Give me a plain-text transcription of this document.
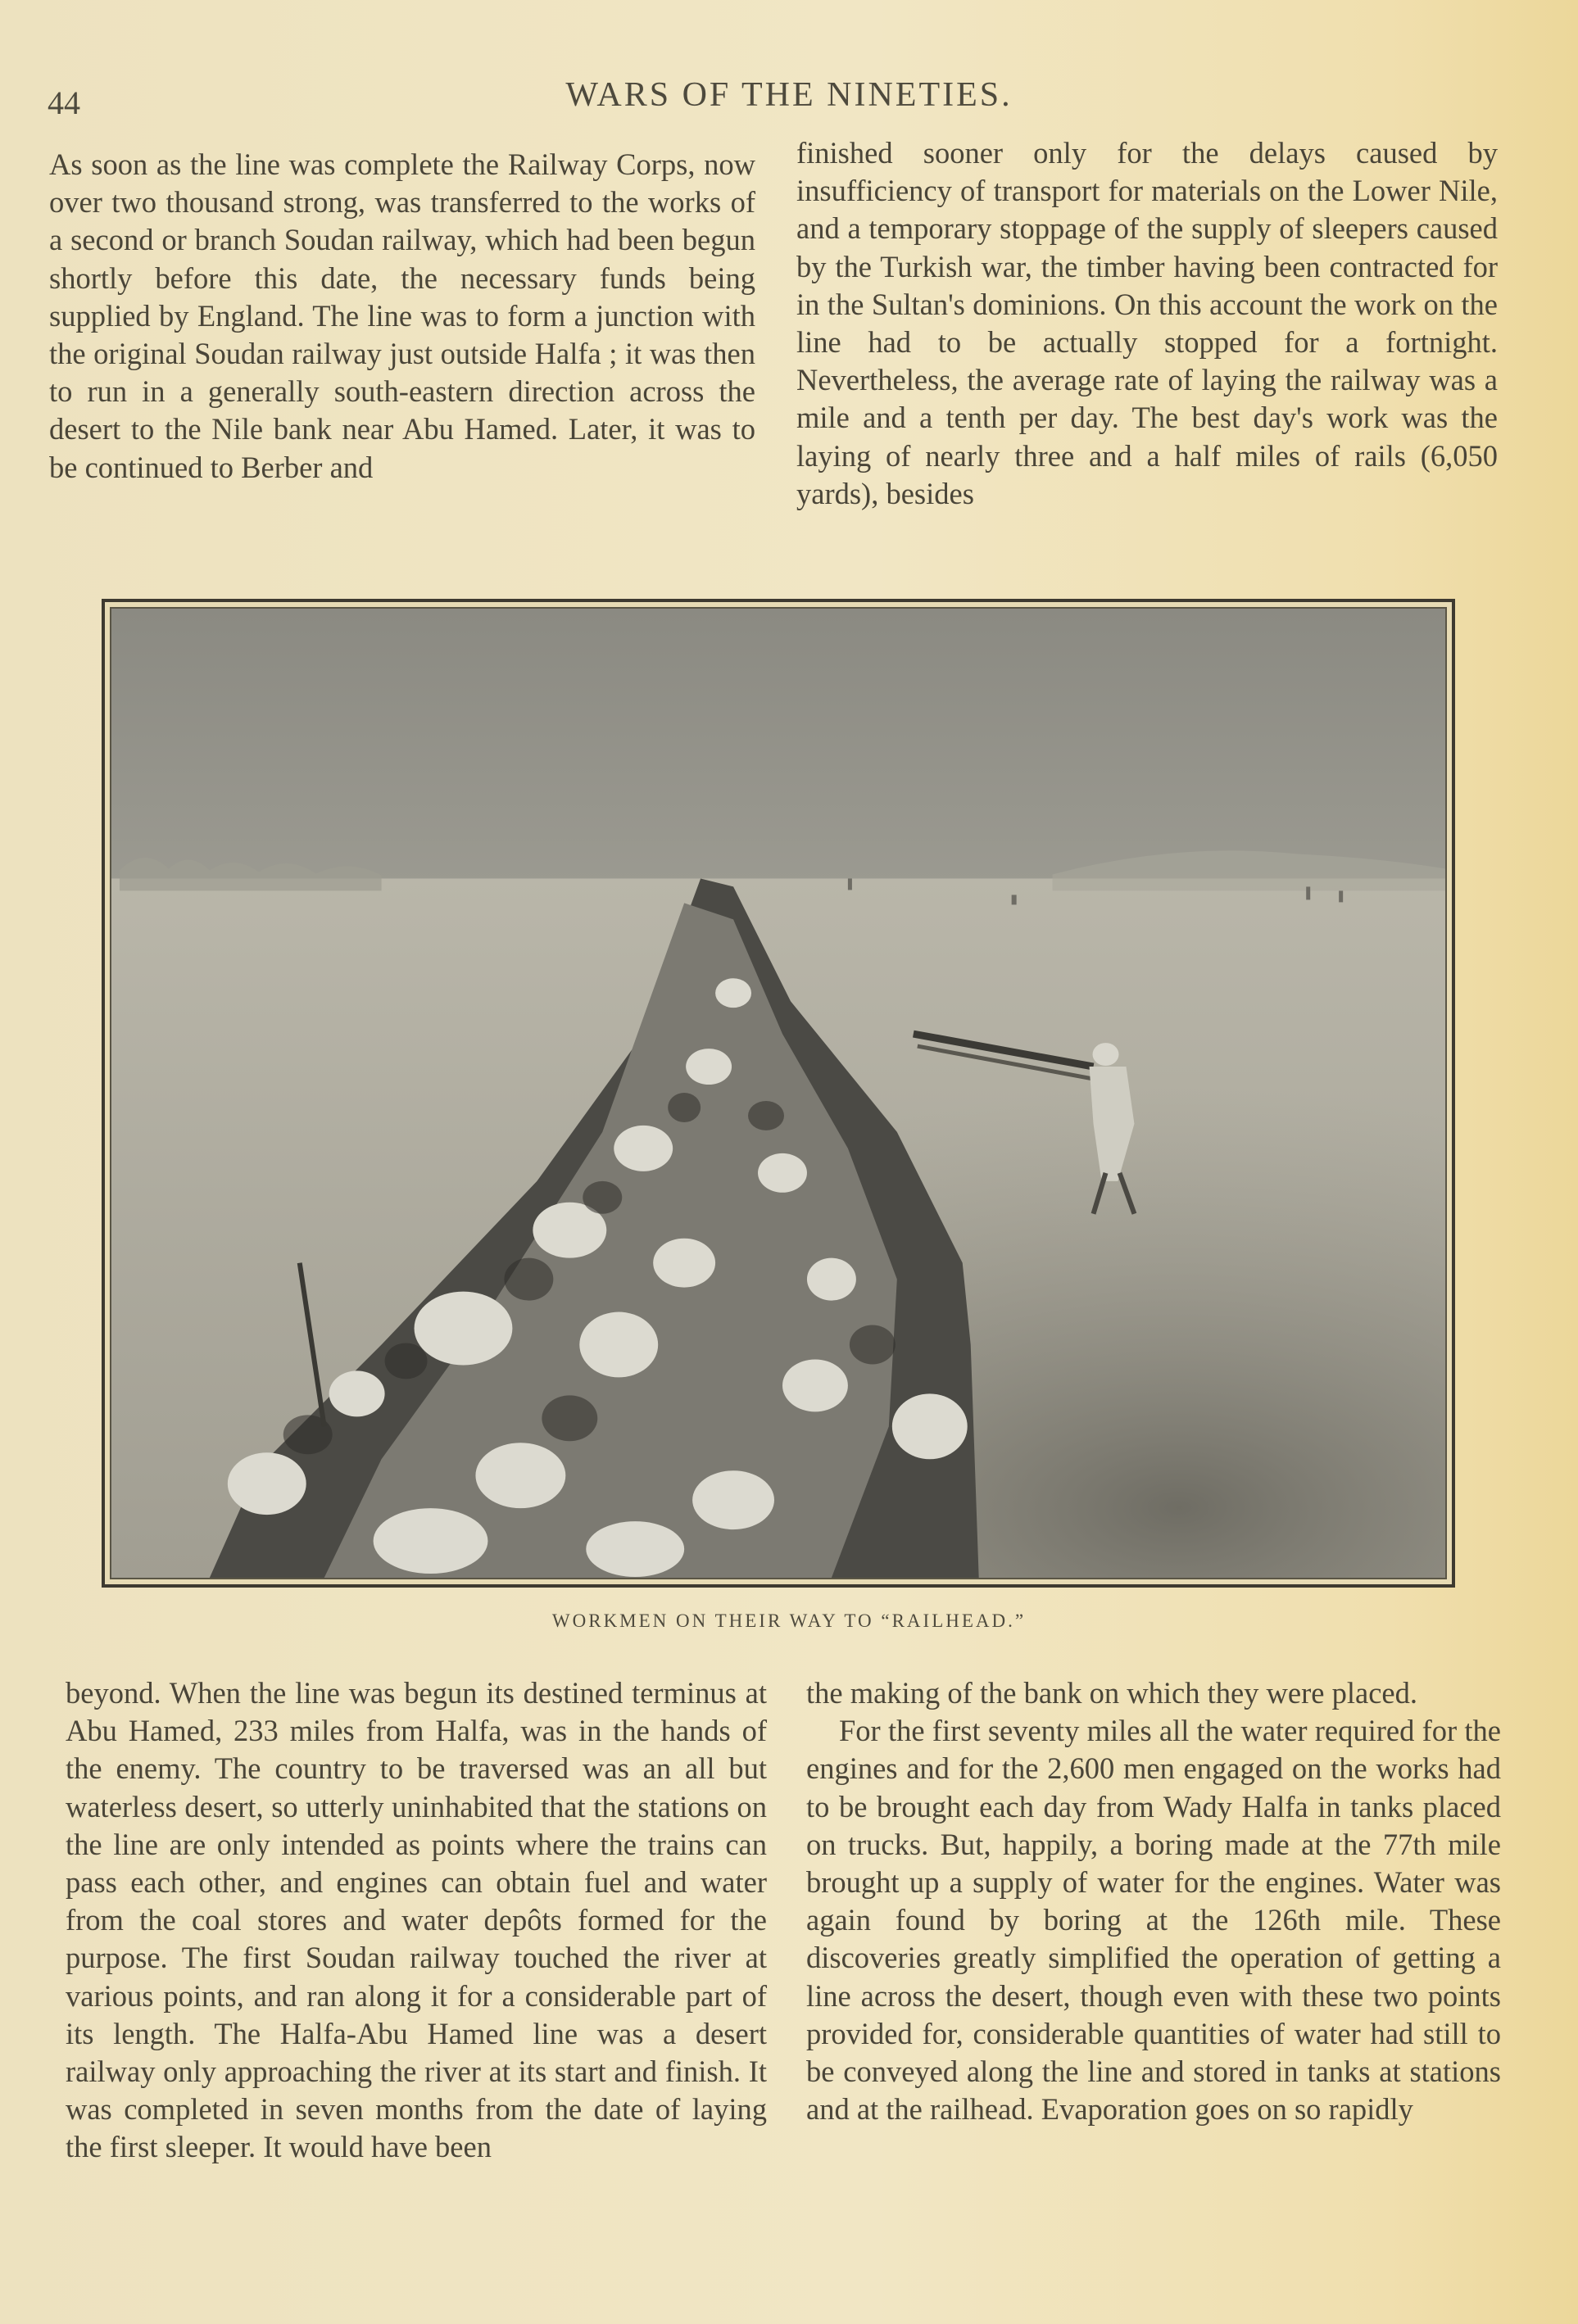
44	WARS OF THE NINETIES.

As soon as the line was complete the Railway Corps, now over two thousand strong, was transferred to the works of a second or branch Soudan railway, which had been begun shortly before this date, the necessary funds being supplied by England. The line was to form a junction with the original Soudan railway just outside Halfa ; it was then to run in a generally south-eastern direction across the desert to the Nile bank near Abu Hamed. Later, it was to be continued to Berber and

finished sooner only for the delays caused by insufficiency of transport for materials on the Lower Nile, and a temporary stoppage of the supply of sleepers caused by the Turkish war, the timber having been contracted for in the Sultan's dominions. On this account the work on the line had to be actually stopped for a fortnight. Nevertheless, the average rate of laying the railway was a mile and a tenth per day. The best day's work was the laying of nearly three and a half miles of rails (6,050 yards), besides

WORKMEN ON THEIR WAY TO “RAILHEAD.”

beyond. When the line was begun its destined terminus at Abu Hamed, 233 miles from Halfa, was in the hands of the enemy. The country to be traversed was an all but waterless desert, so utterly uninhabited that the stations on the line are only intended as points where the trains can pass each other, and engines can obtain fuel and water from the coal stores and water depôts formed for the purpose. The first Soudan railway touched the river at various points, and ran along it for a considerable part of its length. The Halfa-Abu Hamed line was a desert railway only approaching the river at its start and finish. It was completed in seven months from the date of laying the first sleeper. It would have been

the making of the bank on which they were placed.

For the first seventy miles all the water required for the engines and for the 2,600 men engaged on the works had to be brought each day from Wady Halfa in tanks placed on trucks. But, happily, a boring made at the 77th mile brought up a supply of water for the engines. Water was again found by boring at the 126th mile. These discoveries greatly simplified the operation of getting a line across the desert, though even with these two points provided for, considerable quantities of water had still to be conveyed along the line and stored in tanks at stations and at the railhead. Evaporation goes on so rapidly
